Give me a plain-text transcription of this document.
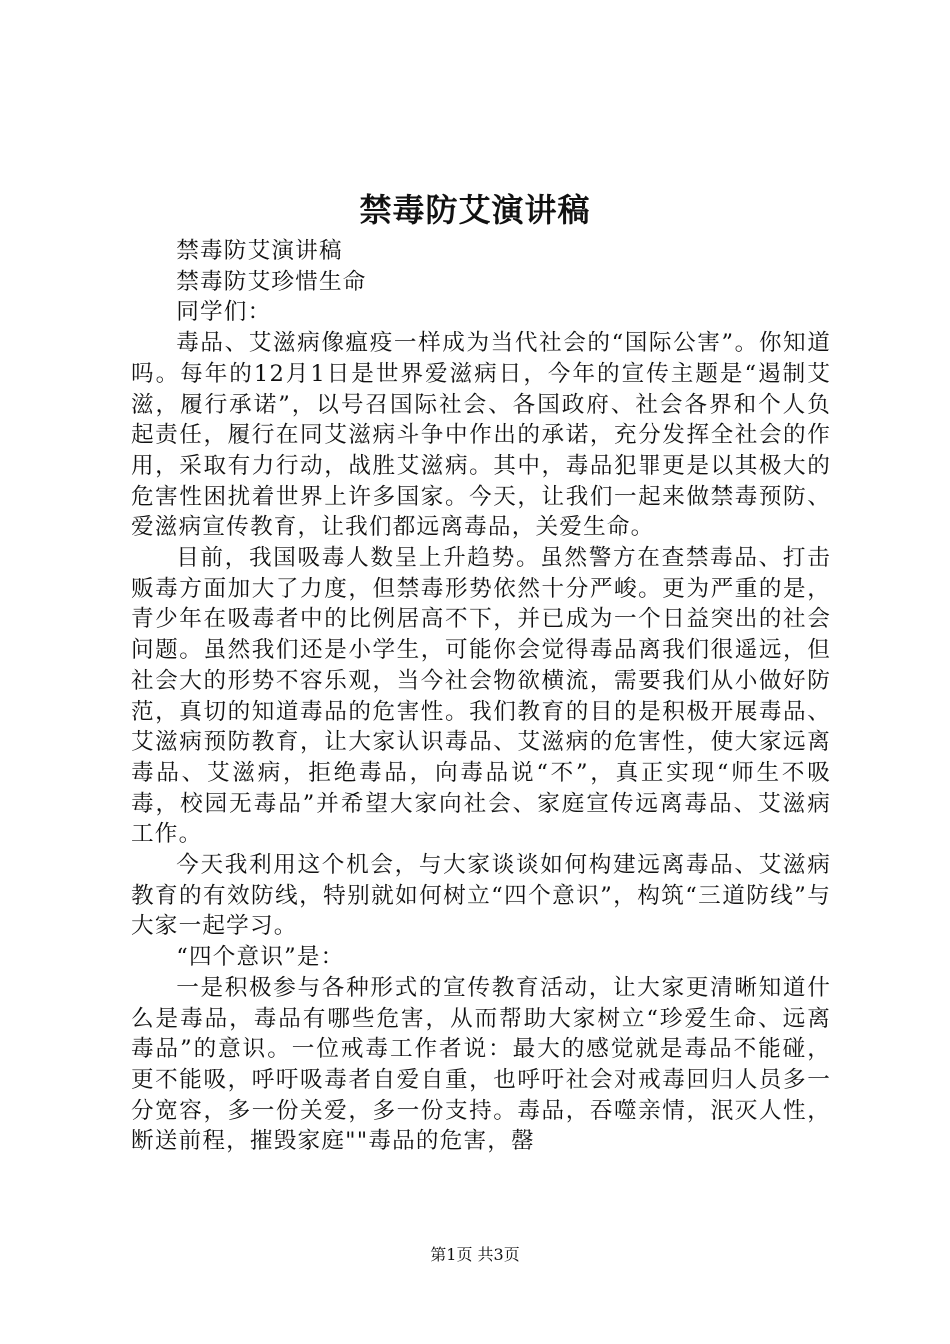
禁毒防艾演讲稿

禁毒防艾演讲稿

禁毒防艾珍惜生命

同学们：

毒品、艾滋病像瘟疫一样成为当代社会的“国际公害”。你知道吗。每年的12月1日是世界爱滋病日，今年的宣传主题是“遏制艾滋，履行承诺”，以号召国际社会、各国政府、社会各界和个人负起责任，履行在同艾滋病斗争中作出的承诺，充分发挥全社会的作用，采取有力行动，战胜艾滋病。其中，毒品犯罪更是以其极大的危害性困扰着世界上许多国家。今天，让我们一起来做禁毒预防、爱滋病宣传教育，让我们都远离毒品，关爱生命。

目前，我国吸毒人数呈上升趋势。虽然警方在查禁毒品、打击贩毒方面加大了力度，但禁毒形势依然十分严峻。更为严重的是，青少年在吸毒者中的比例居高不下，并已成为一个日益突出的社会问题。虽然我们还是小学生，可能你会觉得毒品离我们很遥远，但社会大的形势不容乐观，当今社会物欲横流，需要我们从小做好防范，真切的知道毒品的危害性。我们教育的目的是积极开展毒品、艾滋病预防教育，让大家认识毒品、艾滋病的危害性，使大家远离毒品、艾滋病，拒绝毒品，向毒品说“不”，真正实现“师生不吸毒，校园无毒品”并希望大家向社会、家庭宣传远离毒品、艾滋病工作。

今天我利用这个机会，与大家谈谈如何构建远离毒品、艾滋病教育的有效防线，特别就如何树立“四个意识”，构筑“三道防线”与大家一起学习。

“四个意识”是：

一是积极参与各种形式的宣传教育活动，让大家更清晰知道什么是毒品，毒品有哪些危害，从而帮助大家树立“珍爱生命、远离毒品”的意识。一位戒毒工作者说：最大的感觉就是毒品不能碰，更不能吸，呼吁吸毒者自爱自重，也呼吁社会对戒毒回归人员多一分宽容，多一份关爱，多一份支持。毒品，吞噬亲情，泯灭人性，断送前程，摧毁家庭""毒品的危害，罄

第1页 共3页
